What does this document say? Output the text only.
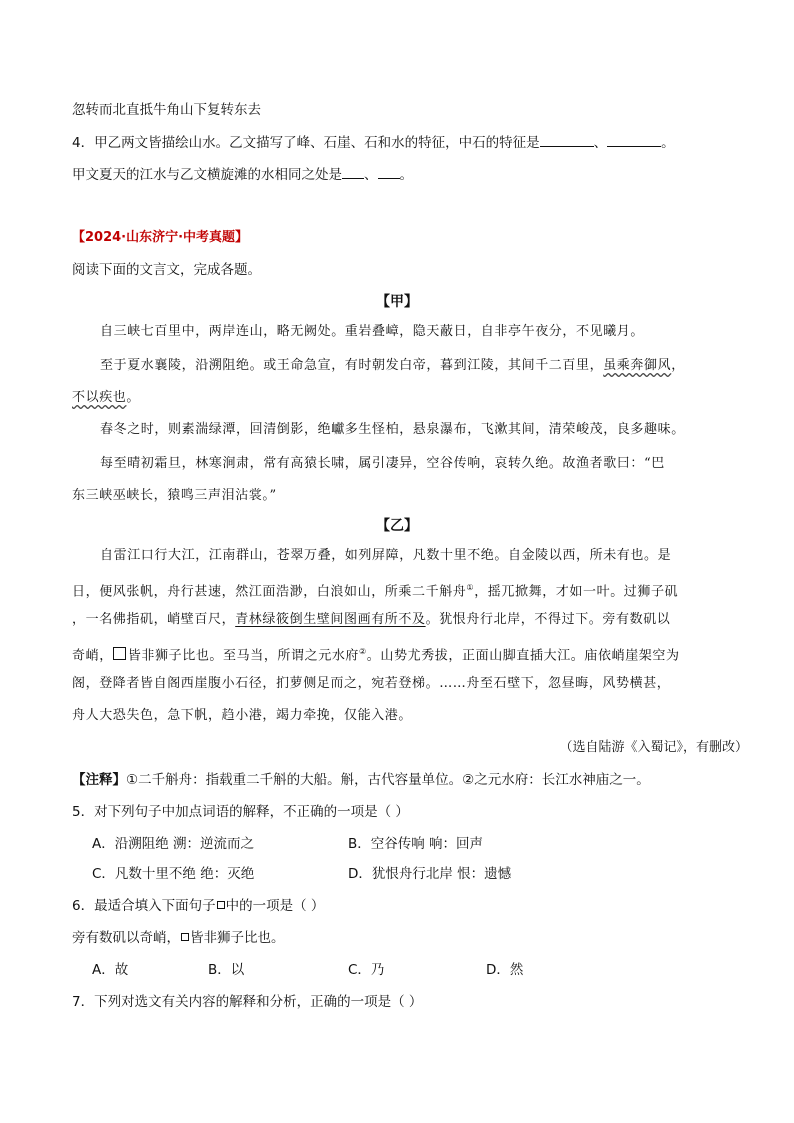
忽转而北直抵牛角山下复转东去
4．甲乙两文皆描绘山水。乙文描写了峰、石崖、石和水的特征，中石的特征是	、	。
甲文夏天的江水与乙文横旋滩的水相同之处是 、 。
【2024·山东济宁·中考真题】
阅读下面的文言文，完成各题。
【甲】
自三峡七百里中，两岸连山，略无阙处。重岩叠嶂，隐天蔽日，自非亭午夜分，不见曦月。
至于夏水襄陵，沿溯阻绝。或王命急宣，有时朝发白帝，暮到江陵，其间千二百里，虽乘奔御风，
不以疾也。
春冬之时，则素湍绿潭，回清倒影，绝巘多生怪柏，悬泉瀑布，飞漱其间，清荣峻茂，良多趣味。
每至晴初霜旦，林寒涧肃，常有高猿长啸，属引凄异，空谷传响，哀转久绝。故渔者歌曰：“巴
东三峡巫峡长，猿鸣三声泪沾裳。”
【乙】
自雷江口行大江，江南群山，苍翠万叠，如列屏障，凡数十里不绝。自金陵以西，所未有也。是
日，便风张帆，舟行甚速，然江面浩渺，白浪如山，所乘二千斛舟①，摇兀掀舞，才如一叶。过狮子矶
，一名佛指矶，峭壁百尺，青林绿筱倒生壁间图画有所不及。犹恨舟行北岸，不得过下。旁有数矶以
奇峭， 皆非狮子比也。至马当，所谓之元水府②。山势尤秀拔，正面山脚直插大江。庙依峭崖架空为
阁，登降者皆自阁西崖腹小石径，扪萝侧足而之，宛若登梯。……舟至石壁下，忽昼晦，风势横甚，
舟人大恐失色，急下帆，趋小港，竭力牵挽，仅能入港。
（选自陆游《入蜀记》，有删改）
【注释】①二千斛舟：指载重二千斛的大船。斛，古代容量单位。②之元水府：长江水神庙之一。
5．对下列句子中加点词语的解释，不正确的一项是（ ）
A．沿溯阻绝 溯：逆流而之	B．空谷传响 响：回声
C．凡数十里不绝 绝：灭绝	D．犹恨舟行北岸 恨：遗憾
6．最适合填入下面句子 中的一项是（ ）
旁有数矶以奇峭， 皆非狮子比也。
A．故	B．以	C．乃	D．然
7．下列对选文有关内容的解释和分析，正确的一项是（ ）
